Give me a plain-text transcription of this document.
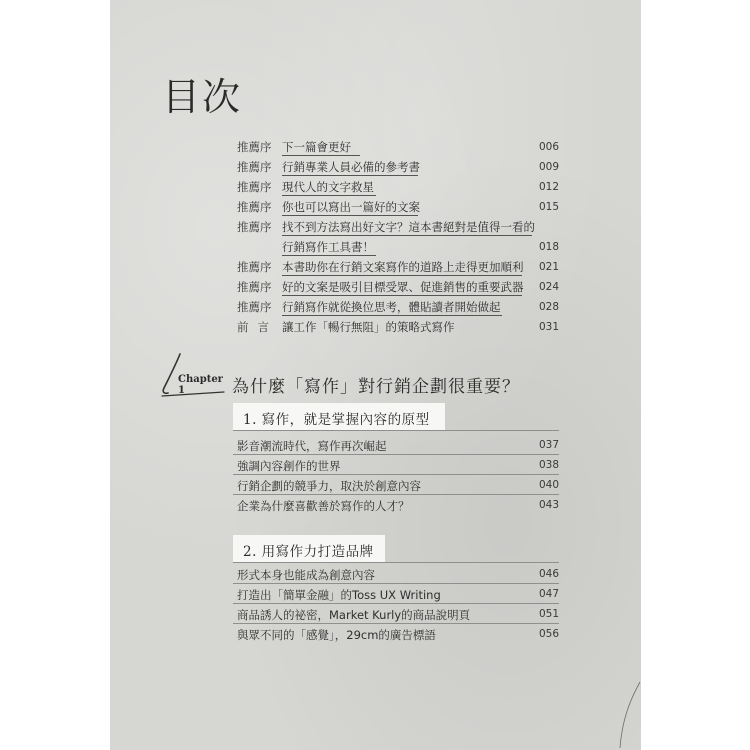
目次
推薦序 下一篇會更好	006
推薦序 行銷專業人員必備的參考書	009
推薦序 現代人的文字救星	012
推薦序 你也可以寫出一篇好的文案	015
推薦序 找不到方法寫出好文字？這本書絕對是值得一看的
行銷寫作工具書！	018
推薦序 本書助你在行銷文案寫作的道路上走得更加順利 021
推薦序 好的文案是吸引目標受眾、促進銷售的重要武器 024
推薦序 行銷寫作就從換位思考，體貼讀者開始做起	028
前言 讓工作「暢行無阻」的策略式寫作	031
Chapter 1	為什麼「寫作」對行銷企劃很重要？
1. 寫作，就是掌握內容的原型
影音潮流時代，寫作再次崛起	037
強調內容創作的世界	038
行銷企劃的競爭力，取決於創意內容	040
企業為什麼喜歡善於寫作的人才？	043
2. 用寫作力打造品牌
形式本身也能成為創意內容	046
打造出「簡單金融」的Toss UX Writing	047
商品誘人的祕密，Market Kurly的商品說明頁	051
與眾不同的「感覺」，29cm的廣告標語	056
